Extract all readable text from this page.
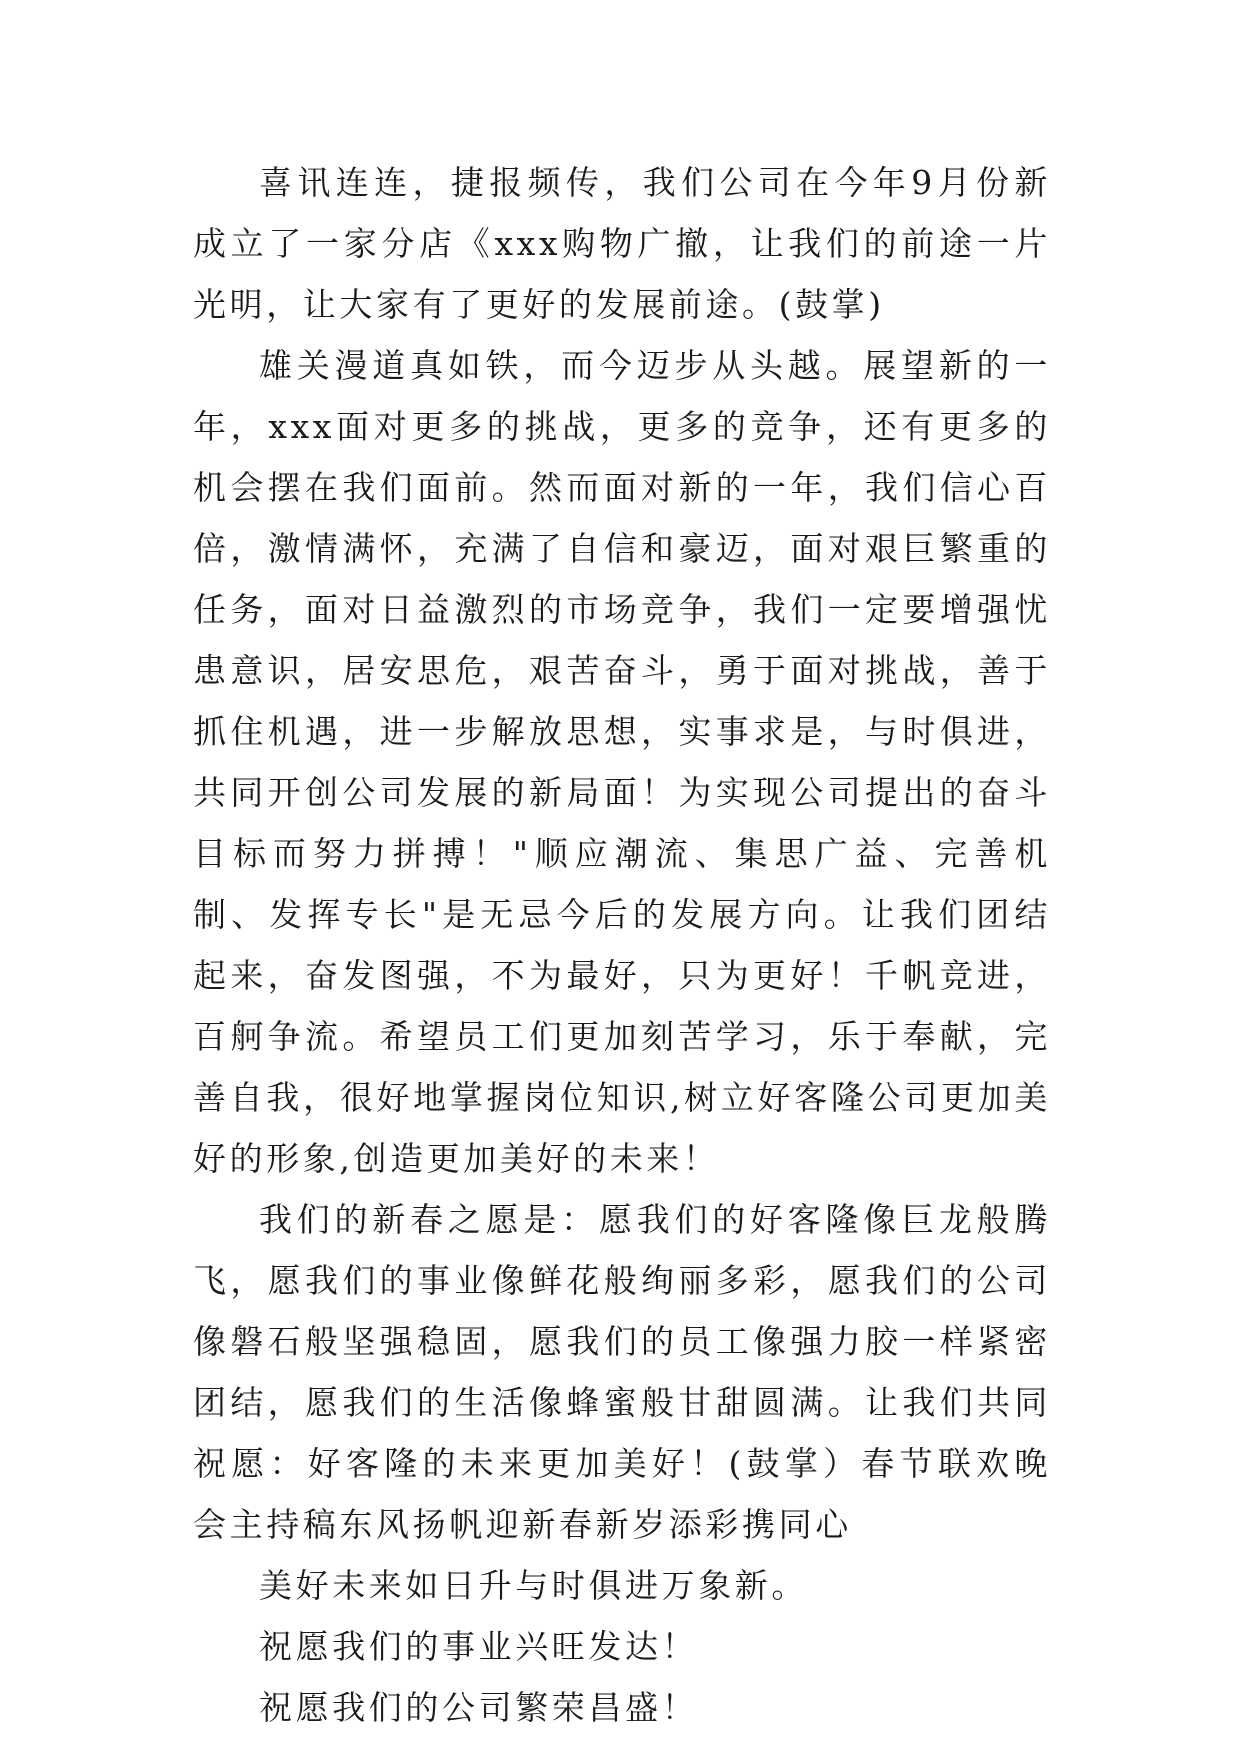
喜讯连连，捷报频传，我们公司在今年9月份新成立了一家分店《xxx购物广撤，让我们的前途一片光明，让大家有了更好的发展前途。(鼓掌)

雄关漫道真如铁，而今迈步从头越。展望新的一年，xxx面对更多的挑战，更多的竞争，还有更多的机会摆在我们面前。然而面对新的一年，我们信心百倍，激情满怀，充满了自信和豪迈，面对艰巨繁重的任务，面对日益激烈的市场竞争，我们一定要增强忧患意识，居安思危，艰苦奋斗，勇于面对挑战，善于抓住机遇，进一步解放思想，实事求是，与时俱进，共同开创公司发展的新局面！为实现公司提出的奋斗目标而努力拼搏！"顺应潮流、集思广益、完善机制、发挥专长"是无忌今后的发展方向。让我们团结起来，奋发图强，不为最好，只为更好！千帆竞进，百舸争流。希望员工们更加刻苦学习，乐于奉献，完善自我，很好地掌握岗位知识,树立好客隆公司更加美好的形象,创造更加美好的未来！

我们的新春之愿是：愿我们的好客隆像巨龙般腾飞，愿我们的事业像鲜花般绚丽多彩，愿我们的公司像磐石般坚强稳固，愿我们的员工像强力胶一样紧密团结，愿我们的生活像蜂蜜般甘甜圆满。让我们共同祝愿：好客隆的未来更加美好！(鼓掌）春节联欢晚会主持稿东风扬帆迎新春新岁添彩携同心

美好未来如日升与时俱进万象新。

祝愿我们的事业兴旺发达！

祝愿我们的公司繁荣昌盛！
